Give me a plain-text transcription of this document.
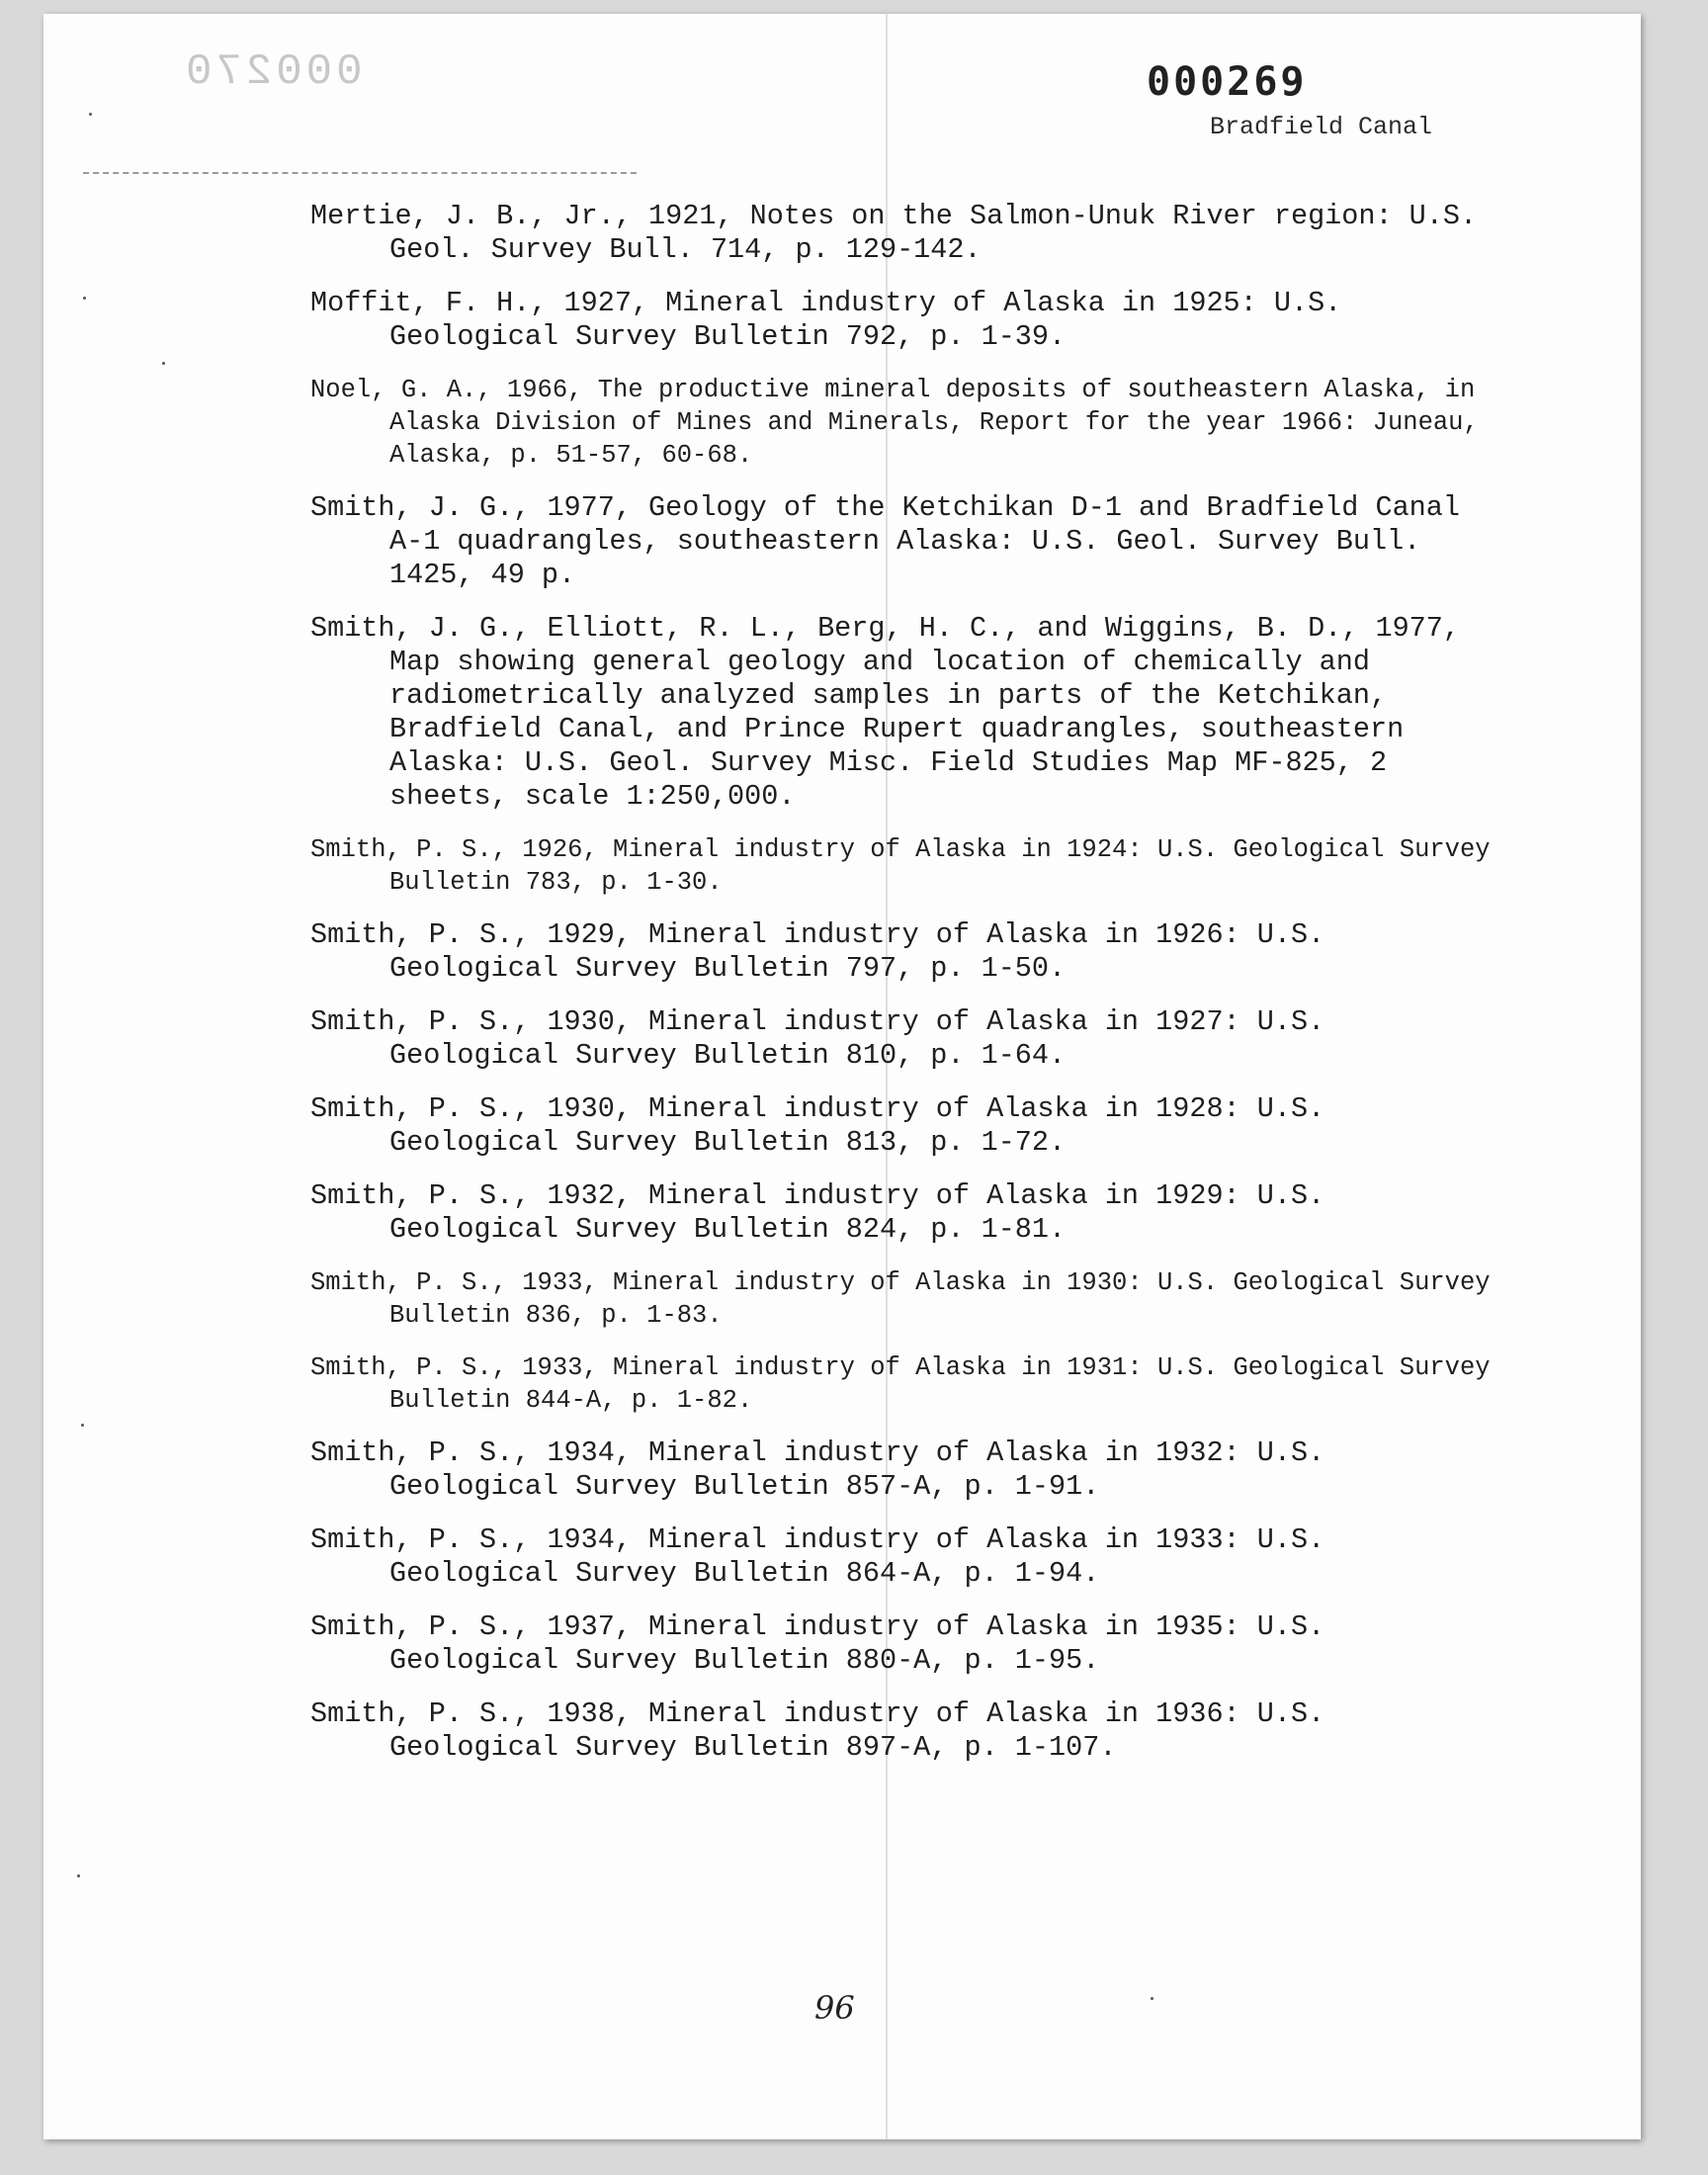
000270	000269
Bradfield Canal
Mertie, J. B., Jr., 1921, Notes on the Salmon-Unuk River region: U.S. Geol. Survey Bull. 714, p. 129-142.
Moffit, F. H., 1927, Mineral industry of Alaska in 1925: U.S. Geological Survey Bulletin 792, p. 1-39.
Noel, G. A., 1966, The productive mineral deposits of southeastern Alaska, in Alaska Division of Mines and Minerals, Report for the year 1966: Juneau, Alaska, p. 51-57, 60-68.
Smith, J. G., 1977, Geology of the Ketchikan D-1 and Bradfield Canal A-1 quadrangles, southeastern Alaska: U.S. Geol. Survey Bull. 1425, 49 p.
Smith, J. G., Elliott, R. L., Berg, H. C., and Wiggins, B. D., 1977, Map showing general geology and location of chemically and radiometrically analyzed samples in parts of the Ketchikan, Bradfield Canal, and Prince Rupert quadrangles, southeastern Alaska: U.S. Geol. Survey Misc. Field Studies Map MF-825, 2 sheets, scale 1:250,000.
Smith, P. S., 1926, Mineral industry of Alaska in 1924: U.S. Geological Survey Bulletin 783, p. 1-30.
Smith, P. S., 1929, Mineral industry of Alaska in 1926: U.S. Geological Survey Bulletin 797, p. 1-50.
Smith, P. S., 1930, Mineral industry of Alaska in 1927: U.S. Geological Survey Bulletin 810, p. 1-64.
Smith, P. S., 1930, Mineral industry of Alaska in 1928: U.S. Geological Survey Bulletin 813, p. 1-72.
Smith, P. S., 1932, Mineral industry of Alaska in 1929: U.S. Geological Survey Bulletin 824, p. 1-81.
Smith, P. S., 1933, Mineral industry of Alaska in 1930: U.S. Geological Survey Bulletin 836, p. 1-83.
Smith, P. S., 1933, Mineral industry of Alaska in 1931: U.S. Geological Survey Bulletin 844-A, p. 1-82.
Smith, P. S., 1934, Mineral industry of Alaska in 1932: U.S. Geological Survey Bulletin 857-A, p. 1-91.
Smith, P. S., 1934, Mineral industry of Alaska in 1933: U.S. Geological Survey Bulletin 864-A, p. 1-94.
Smith, P. S., 1937, Mineral industry of Alaska in 1935: U.S. Geological Survey Bulletin 880-A, p. 1-95.
Smith, P. S., 1938, Mineral industry of Alaska in 1936: U.S. Geological Survey Bulletin 897-A, p. 1-107.
96
